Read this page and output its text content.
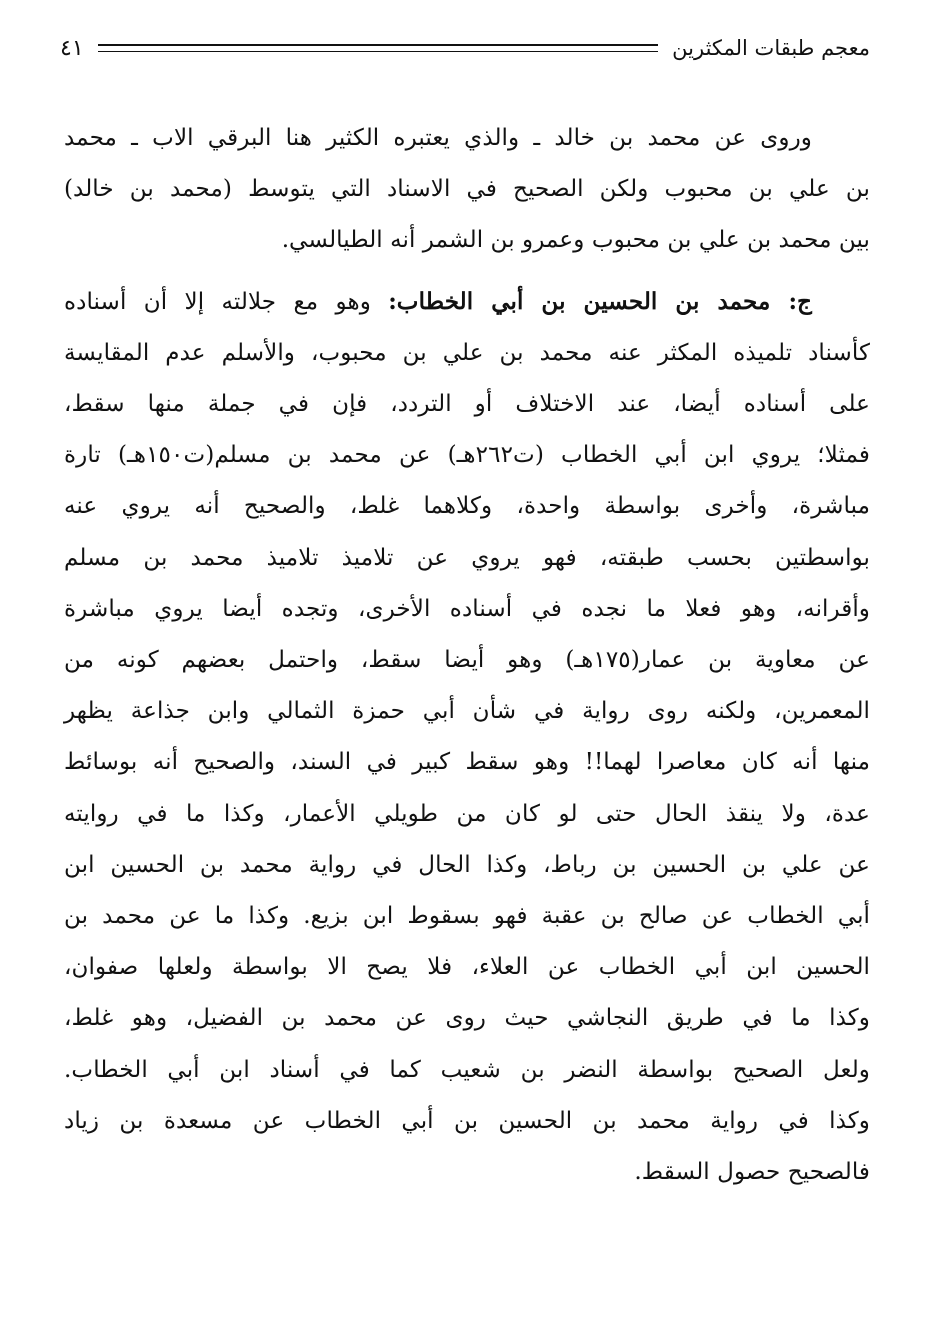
معجم طبقات المكثرين
٤١
وروى عن محمد بن خالد ـ والذي يعتبره الكثير هنا البرقي الاب ـ محمد
بن علي بن محبوب ولكن الصحيح في الاسناد التي يتوسط (محمد بن خالد)
بين محمد بن علي بن محبوب وعمرو بن الشمر أنه الطيالسي.
ج: محمد بن الحسين بن أبي الخطاب: وهو مع جلالته إلا أن أسناده
كأسناد تلميذه المكثر عنه محمد بن علي بن محبوب، والأسلم عدم المقايسة
على أسناده أيضا، عند الاختلاف أو التردد، فإن في جملة منها سقط،
فمثلا؛ يروي ابن أبي الخطاب (ت٢٦٢هـ) عن محمد بن مسلم(ت١٥٠هـ) تارة
مباشرة، وأخرى بواسطة واحدة، وكلاهما غلط، والصحيح أنه يروي عنه
بواسطتين بحسب طبقته، فهو يروي عن تلاميذ تلاميذ محمد بن مسلم
وأقرانه، وهو فعلا ما نجده في أسناده الأخرى، وتجده أيضا يروي مباشرة
عن معاوية بن عمار(١٧٥هـ) وهو أيضا سقط، واحتمل بعضهم كونه من
المعمرين، ولكنه روى رواية في شأن أبي حمزة الثمالي وابن جذاعة يظهر
منها أنه كان معاصرا لهما!! وهو سقط كبير في السند، والصحيح أنه بوسائط
عدة، ولا ينقذ الحال حتى لو كان من طويلي الأعمار، وكذا ما في روايته
عن علي بن الحسين بن رباط، وكذا الحال في رواية محمد بن الحسين ابن
أبي الخطاب عن صالح بن عقبة فهو بسقوط ابن بزيع. وكذا ما عن محمد بن
الحسين ابن أبي الخطاب عن العلاء، فلا يصح الا بواسطة ولعلها صفوان،
وكذا ما في طريق النجاشي حيث روى عن محمد بن الفضيل، وهو غلط،
ولعل الصحيح بواسطة النضر بن شعيب كما في أسناد ابن أبي الخطاب.
وكذا في رواية محمد بن الحسين بن أبي الخطاب عن مسعدة بن زياد
فالصحيح حصول السقط.
